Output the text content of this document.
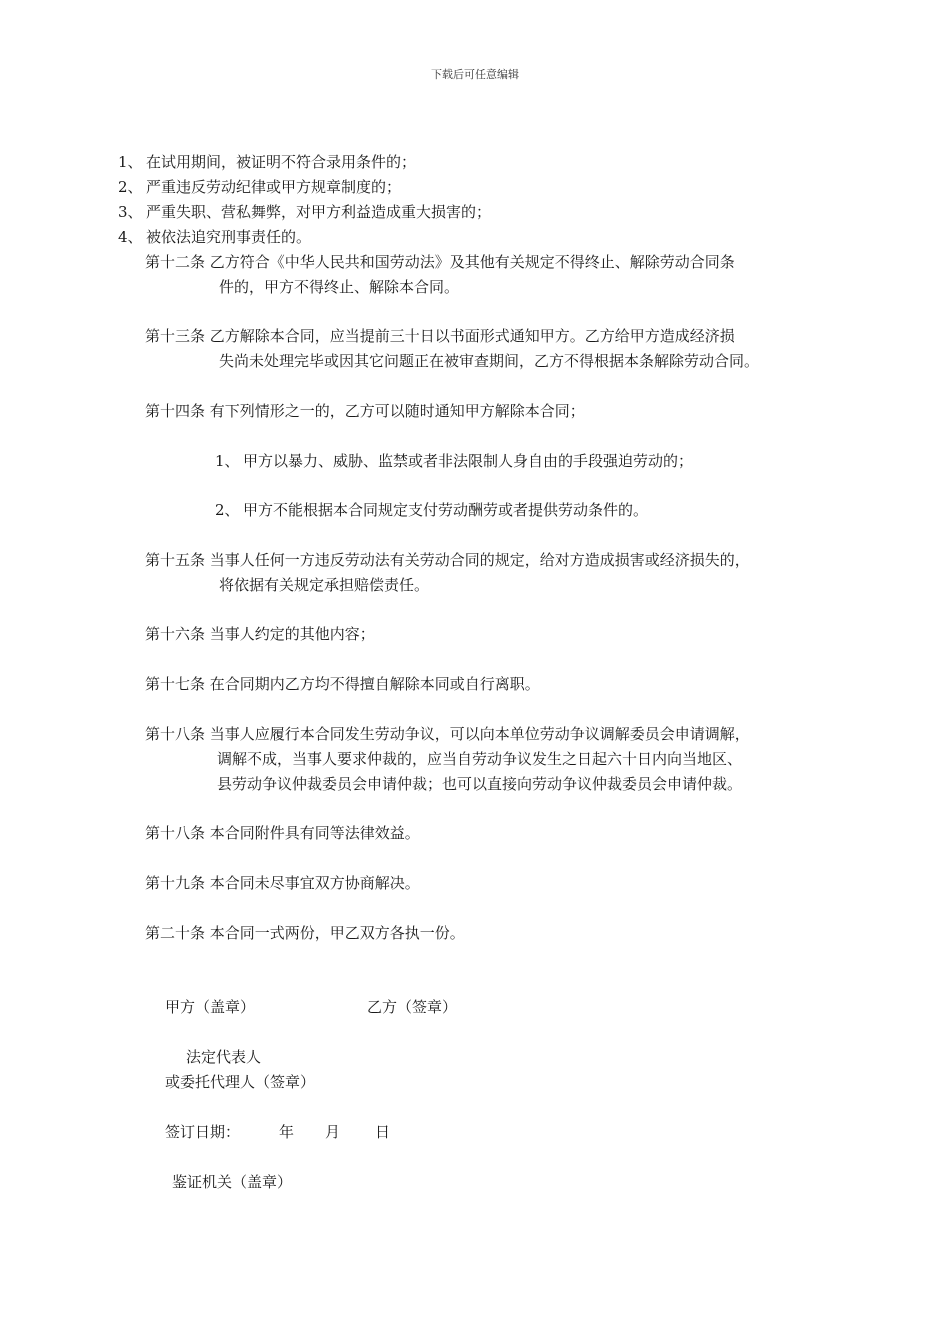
下载后可任意编辑
1、 在试用期间，被证明不符合录用条件的；
2、 严重违反劳动纪律或甲方规章制度的；
3、 严重失职、营私舞弊，对甲方利益造成重大损害的；
4、 被依法追究刑事责任的。
第十二条 乙方符合《中华人民共和国劳动法》及其他有关规定不得终止、解除劳动合同条
件的，甲方不得终止、解除本合同。
第十三条 乙方解除本合同，应当提前三十日以书面形式通知甲方。乙方给甲方造成经济损
失尚未处理完毕或因其它问题正在被审查期间，乙方不得根据本条解除劳动合同。
第十四条 有下列情形之一的，乙方可以随时通知甲方解除本合同；
1、 甲方以暴力、威胁、监禁或者非法限制人身自由的手段强迫劳动的；
2、 甲方不能根据本合同规定支付劳动酬劳或者提供劳动条件的。
第十五条 当事人任何一方违反劳动法有关劳动合同的规定，给对方造成损害或经济损失的，
将依据有关规定承担赔偿责任。
第十六条 当事人约定的其他内容；
第十七条 在合同期内乙方均不得擅自解除本同或自行离职。
第十八条 当事人应履行本合同发生劳动争议，可以向本单位劳动争议调解委员会申请调解，
调解不成，当事人要求仲裁的，应当自劳动争议发生之日起六十日内向当地区、
县劳动争议仲裁委员会申请仲裁；也可以直接向劳动争议仲裁委员会申请仲裁。
第十八条 本合同附件具有同等法律效益。
第十九条 本合同未尽事宜双方协商解决。
第二十条 本合同一式两份，甲乙双方各执一份。
甲方（盖章）	乙方（签章）
法定代表人
或委托代理人（签章）
签订日期：	年 月 日
鉴证机关（盖章）
